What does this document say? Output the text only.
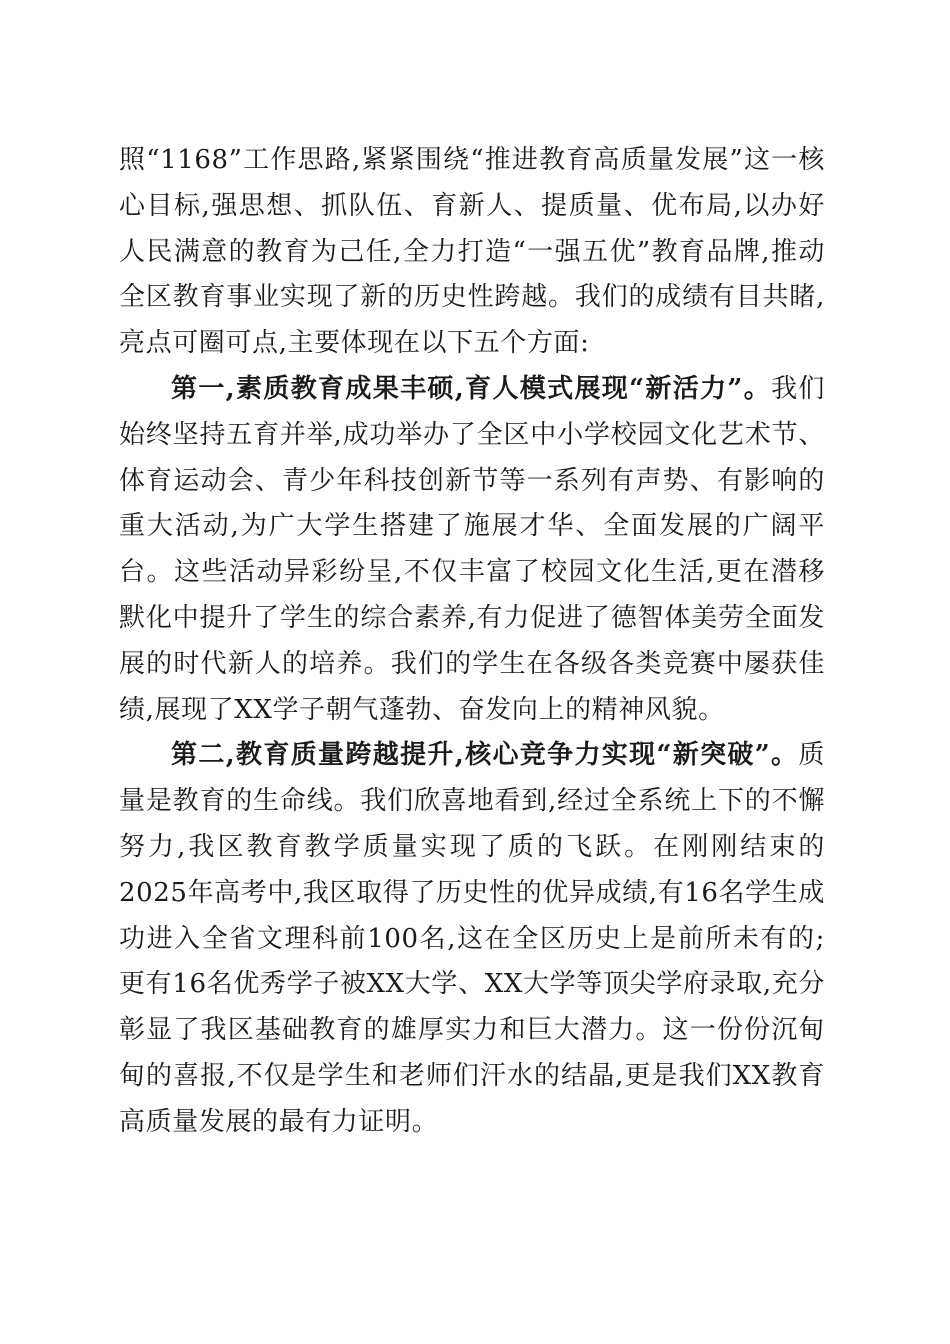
照“1168”工作思路,紧紧围绕“推进教育高质量发展”这一核心目标,强思想、抓队伍、育新人、提质量、优布局,以办好人民满意的教育为己任,全力打造“一强五优”教育品牌,推动全区教育事业实现了新的历史性跨越。我们的成绩有目共睹,亮点可圈可点,主要体现在以下五个方面:

第一,素质教育成果丰硕,育人模式展现“新活力”。我们始终坚持五育并举,成功举办了全区中小学校园文化艺术节、体育运动会、青少年科技创新节等一系列有声势、有影响的重大活动,为广大学生搭建了施展才华、全面发展的广阔平台。这些活动异彩纷呈,不仅丰富了校园文化生活,更在潜移默化中提升了学生的综合素养,有力促进了德智体美劳全面发展的时代新人的培养。我们的学生在各级各类竞赛中屡获佳绩,展现了XX学子朝气蓬勃、奋发向上的精神风貌。

第二,教育质量跨越提升,核心竞争力实现“新突破”。质量是教育的生命线。我们欣喜地看到,经过全系统上下的不懈努力,我区教育教学质量实现了质的飞跃。在刚刚结束的2025年高考中,我区取得了历史性的优异成绩,有16名学生成功进入全省文理科前100名,这在全区历史上是前所未有的;更有16名优秀学子被XX大学、XX大学等顶尖学府录取,充分彰显了我区基础教育的雄厚实力和巨大潜力。这一份份沉甸甸的喜报,不仅是学生和老师们汗水的结晶,更是我们XX教育高质量发展的最有力证明。
